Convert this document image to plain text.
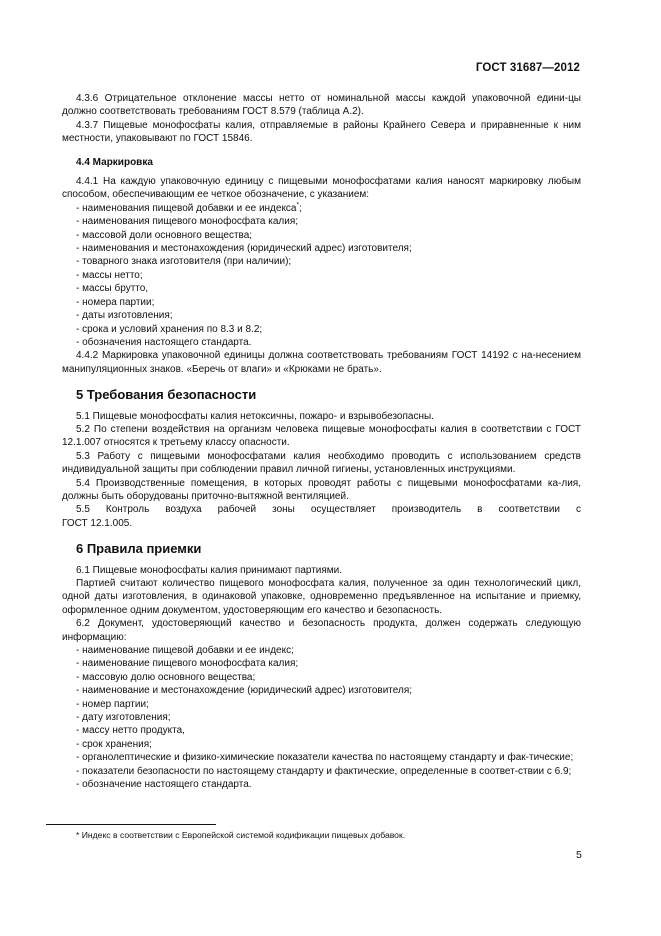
ГОСТ 31687—2012

4.3.6 Отрицательное отклонение массы нетто от номинальной массы каждой упаковочной едини-цы должно соответствовать требованиям ГОСТ 8.579 (таблица А.2).

4.3.7 Пищевые монофосфаты калия, отправляемые в районы Крайнего Севера и приравненные к ним местности, упаковывают по ГОСТ 15846.

4.4 Маркировка

4.4.1 На каждую упаковочную единицу с пищевыми монофосфатами калия наносят маркировку любым способом, обеспечивающим ее четкое обозначение, с указанием:

- наименования пищевой добавки и ее индекса*;

- наименования пищевого монофосфата калия;

- массовой доли основного вещества;

- наименования и местонахождения (юридический адрес) изготовителя;

- товарного знака изготовителя (при наличии);

- массы нетто;

- массы брутто,

- номера партии;

- даты изготовления;

- срока и условий хранения по 8.3 и 8.2;

- обозначения настоящего стандарта.

4.4.2 Маркировка упаковочной единицы должна соответствовать требованиям ГОСТ 14192 с на-несением манипуляционных знаков. «Беречь от влаги» и «Крюками не брать».

5 Требования безопасности

5.1 Пищевые монофосфаты калия нетоксичны, пожаро- и взрывобезопасны.

5.2 По степени воздействия на организм человека пищевые монофосфаты калия в соответствии с ГОСТ 12.1.007 относятся к третьему классу опасности.

5.3 Работу с пищевыми монофосфатами калия необходимо проводить с использованием средств индивидуальной защиты при соблюдении правил личной гигиены, установленных инструкциями.

5.4 Производственные помещения, в которых проводят работы с пищевыми монофосфатами ка-лия, должны быть оборудованы приточно-вытяжной вентиляцией.

5.5 Контроль воздуха рабочей зоны осуществляет производитель в соответствии с

ГОСТ 12.1.005.

6 Правила приемки

6.1 Пищевые монофосфаты калия принимают партиями.

Партией считают количество пищевого монофосфата калия, полученное за один технологический цикл, одной даты изготовления, в одинаковой упаковке, одновременно предъявленное на испытание и приемку, оформленное одним документом, удостоверяющим его качество и безопасность.

6.2 Документ, удостоверяющий качество и безопасность продукта, должен содержать следующую информацию:

- наименование пищевой добавки и ее индекс;

- наименование пищевого монофосфата калия;

- массовую долю основного вещества;

- наименование и местонахождение (юридический адрес) изготовителя;

- номер партии;

- дату изготовления;

- массу нетто продукта,

- срок хранения;

- органолептические и физико-химические показатели качества по настоящему стандарту и фак-тические;

- показатели безопасности по настоящему стандарту и фактические, определенные в соответ-ствии с 6.9;

- обозначение настоящего стандарта.

* Индекс в соответствии с Европейской системой кодификации пищевых добавок.
5
